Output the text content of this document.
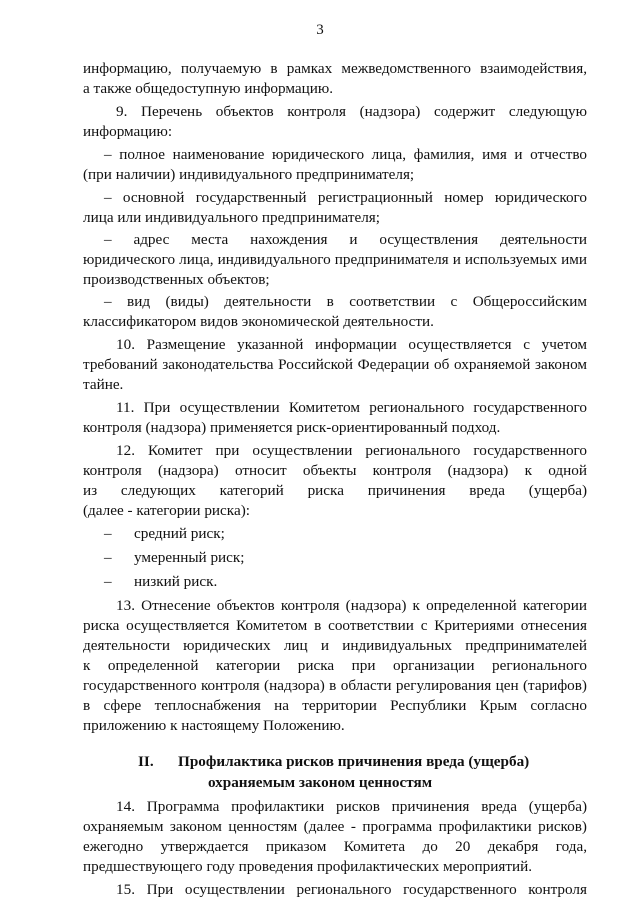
3
информацию, получаемую в рамках межведомственного взаимодействия,
а также общедоступную информацию.
9. Перечень объектов контроля (надзора) содержит следующую
информацию:
– полное наименование юридического лица, фамилия, имя и отчество
(при наличии) индивидуального предпринимателя;
– основной государственный регистрационный номер юридического
лица или индивидуального предпринимателя;
– адрес места нахождения и осуществления деятельности
юридического лица, индивидуального предпринимателя и используемых ими
производственных объектов;
– вид (виды) деятельности в соответствии с Общероссийским
классификатором видов экономической деятельности.
10. Размещение указанной информации осуществляется с учетом
требований законодательства Российской Федерации об охраняемой законом
тайне.
11. При осуществлении Комитетом регионального государственного
контроля (надзора) применяется риск-ориентированный подход.
12. Комитет при осуществлении регионального государственного
контроля (надзора) относит объекты контроля (надзора) к одной
из следующих категорий риска причинения вреда (ущерба)
(далее - категории риска):
– средний риск;
– умеренный риск;
– низкий риск.
13. Отнесение объектов контроля (надзора) к определенной категории
риска осуществляется Комитетом в соответствии с Критериями отнесения
деятельности юридических лиц и индивидуальных предпринимателей
к определенной категории риска при организации регионального
государственного контроля (надзора) в области регулирования цен (тарифов)
в сфере теплоснабжения на территории Республики Крым согласно
приложению к настоящему Положению.
II. Профилактика рисков причинения вреда (ущерба)
охраняемым законом ценностям
14. Программа профилактики рисков причинения вреда (ущерба)
охраняемым законом ценностям (далее - программа профилактики рисков)
ежегодно утверждается приказом Комитета до 20 декабря года,
предшествующего году проведения профилактических мероприятий.
15. При осуществлении регионального государственного контроля
